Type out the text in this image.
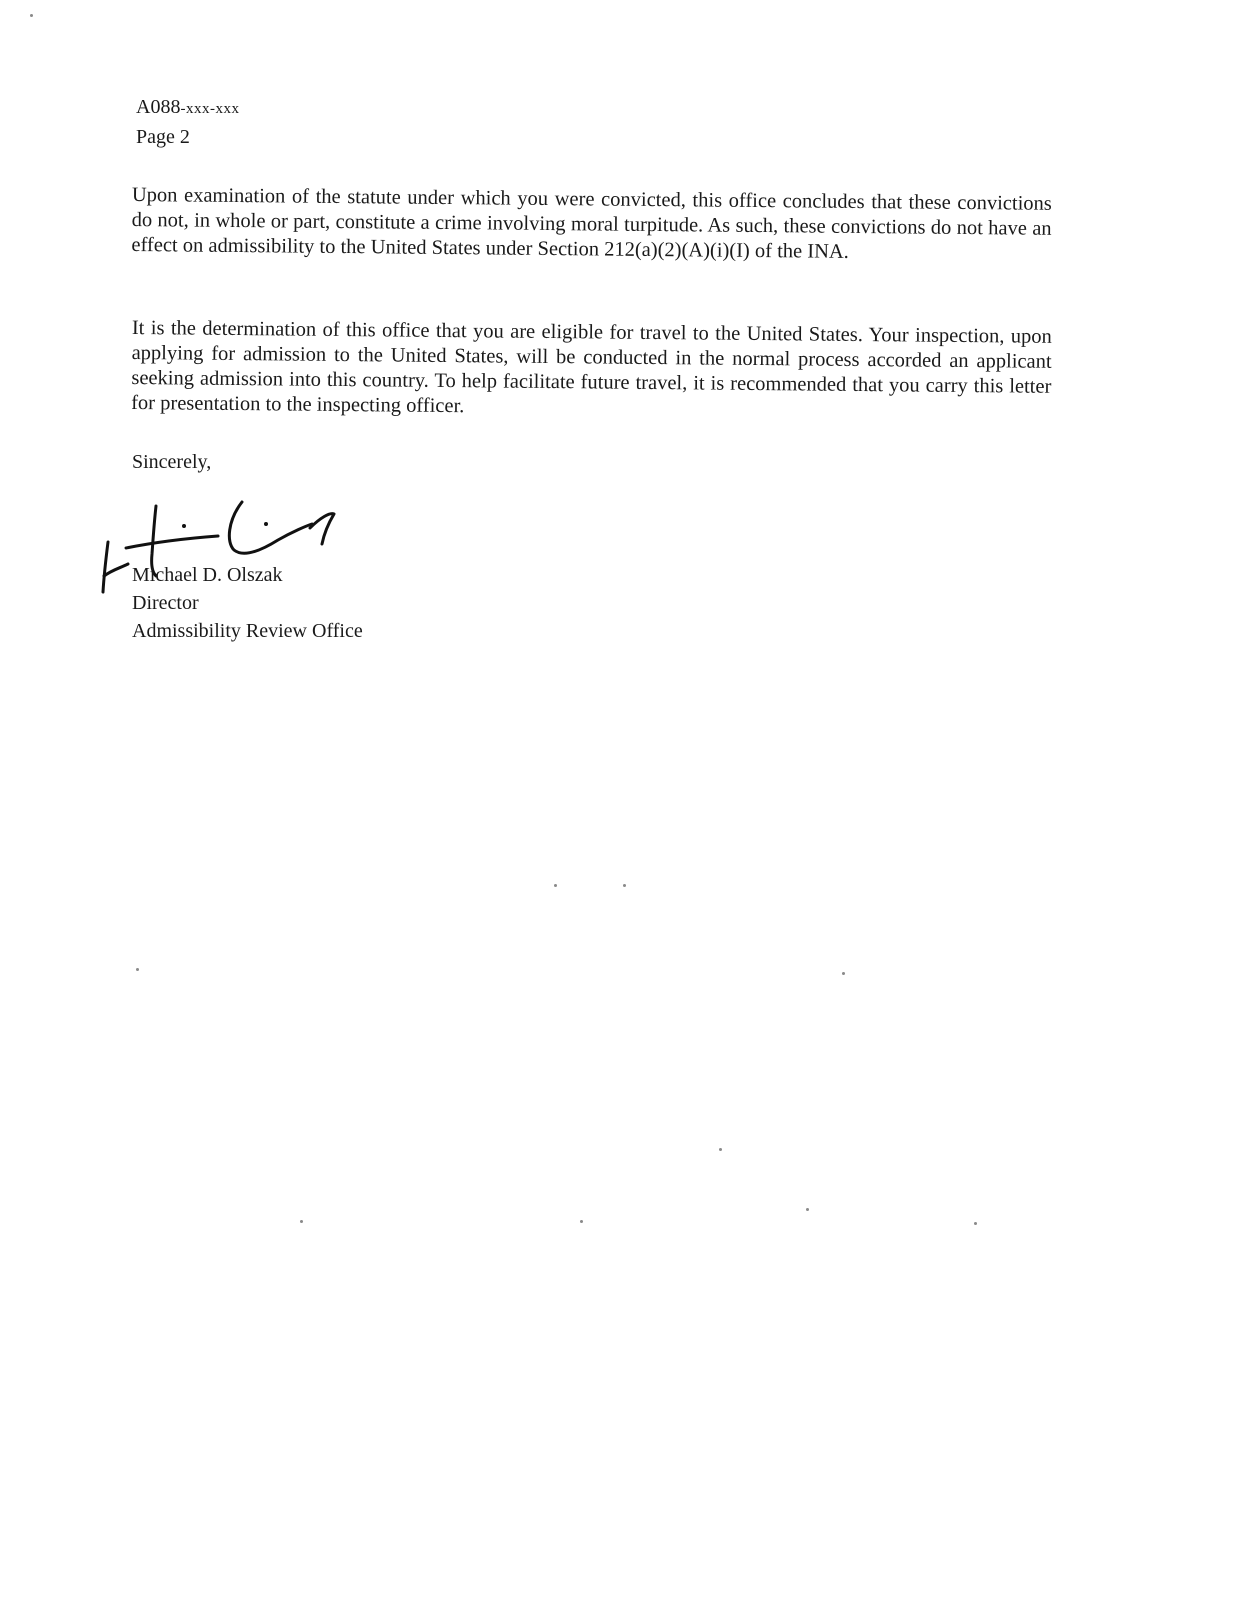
A088-xxx-xxx
Page 2

Upon examination of the statute under which you were convicted, this office concludes that these convictions do not, in whole or part, constitute a crime involving moral turpitude. As such, these convictions do not have an effect on admissibility to the United States under Section 212(a)(2)(A)(i)(I) of the INA.

It is the determination of this office that you are eligible for travel to the United States. Your inspection, upon applying for admission to the United States, will be conducted in the normal process accorded an applicant seeking admission into this country. To help facilitate future travel, it is recommended that you carry this letter for presentation to the inspecting officer.

Sincerely,
Michael D. Olszak
Director
Admissibility Review Office
